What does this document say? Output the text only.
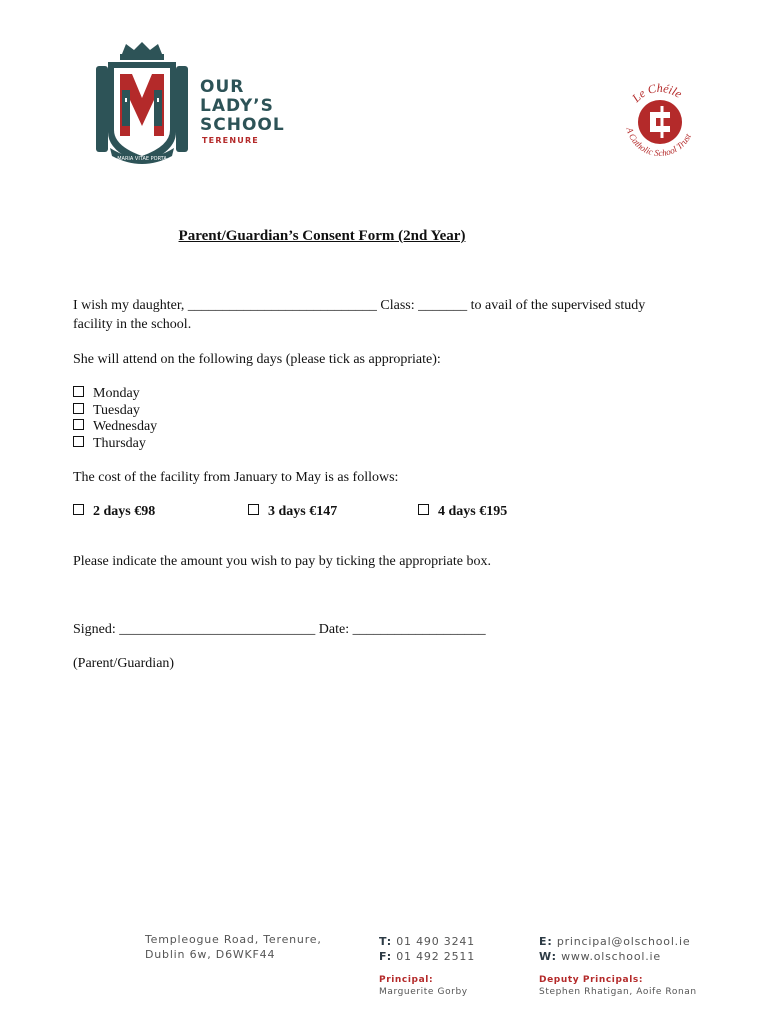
MARIA VITAE PORTA
OUR
LADY’S
SCHOOL
TERENURE
Le Chéile
A Catholic School Trust
Parent/Guardian’s Consent Form (2nd Year)
I wish my daughter, ___________________________ Class: _______ to avail of the supervised study
facility in the school.
She will attend on the following days (please tick as appropriate):
Monday
Tuesday
Wednesday
Thursday
The cost of the facility from January to May is as follows:
2 days €98	3 days €147	4 days €195
Please indicate the amount you wish to pay by ticking the appropriate box.
Signed: ____________________________ Date: ___________________
(Parent/Guardian)
Templeogue Road, Terenure,
Dublin 6w, D6WKF44
T: 01 490 3241
F: 01 492 2511
E: principal@olschool.ie
W: www.olschool.ie
Principal:
Marguerite Gorby
Deputy Principals:
Stephen Rhatigan, Aoife Ronan
